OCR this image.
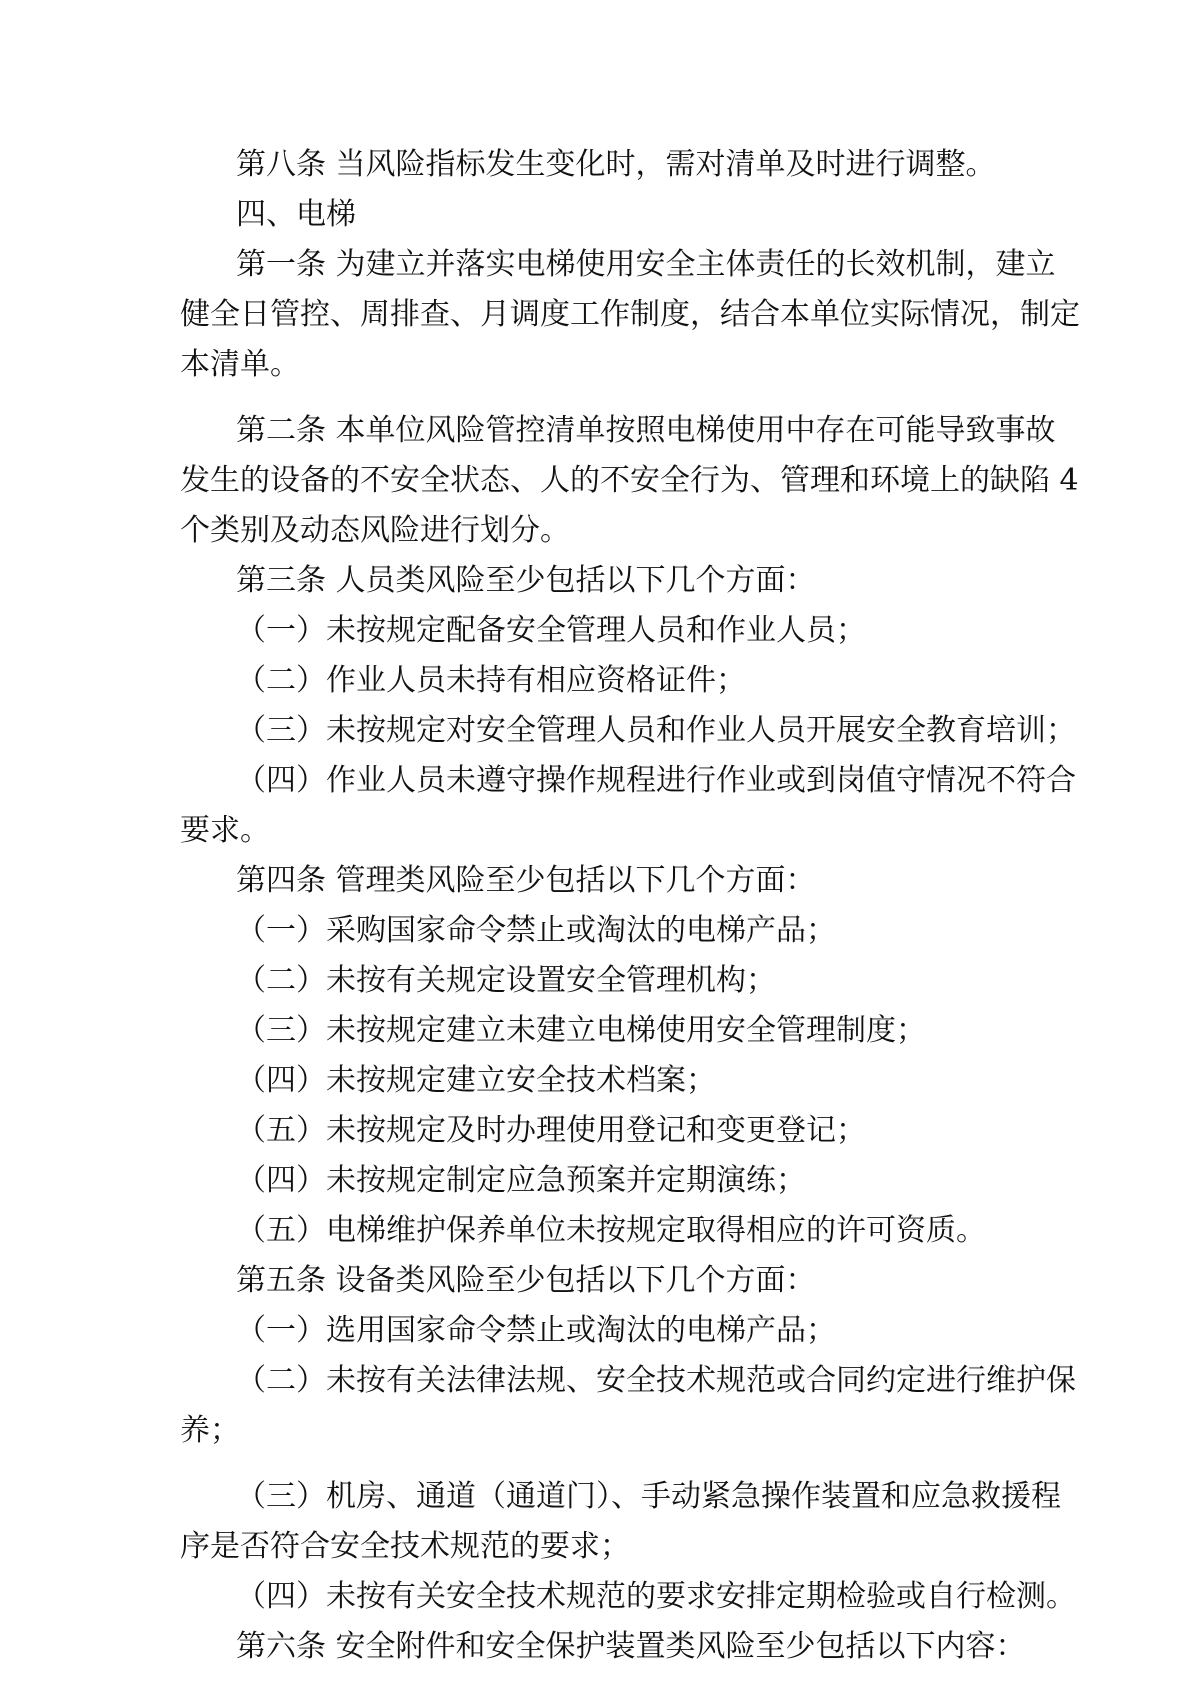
第八条 当风险指标发生变化时，需对清单及时进行调整。
四、电梯
第一条 为建立并落实电梯使用安全主体责任的长效机制，建立
健全日管控、周排查、月调度工作制度，结合本单位实际情况，制定
本清单。
第二条 本单位风险管控清单按照电梯使用中存在可能导致事故
发生的设备的不安全状态、人的不安全行为、管理和环境上的缺陷 4
个类别及动态风险进行划分。
第三条 人员类风险至少包括以下几个方面：
（一）未按规定配备安全管理人员和作业人员；
（二）作业人员未持有相应资格证件；
（三）未按规定对安全管理人员和作业人员开展安全教育培训；
（四）作业人员未遵守操作规程进行作业或到岗值守情况不符合
要求。
第四条 管理类风险至少包括以下几个方面：
（一）采购国家命令禁止或淘汰的电梯产品；
（二）未按有关规定设置安全管理机构；
（三）未按规定建立未建立电梯使用安全管理制度；
（四）未按规定建立安全技术档案；
（五）未按规定及时办理使用登记和变更登记；
（四）未按规定制定应急预案并定期演练；
（五）电梯维护保养单位未按规定取得相应的许可资质。
第五条 设备类风险至少包括以下几个方面：
（一）选用国家命令禁止或淘汰的电梯产品；
（二）未按有关法律法规、安全技术规范或合同约定进行维护保
养；
（三）机房、通道（通道门）、手动紧急操作装置和应急救援程
序是否符合安全技术规范的要求；
（四）未按有关安全技术规范的要求安排定期检验或自行检测。
第六条 安全附件和安全保护装置类风险至少包括以下内容：
